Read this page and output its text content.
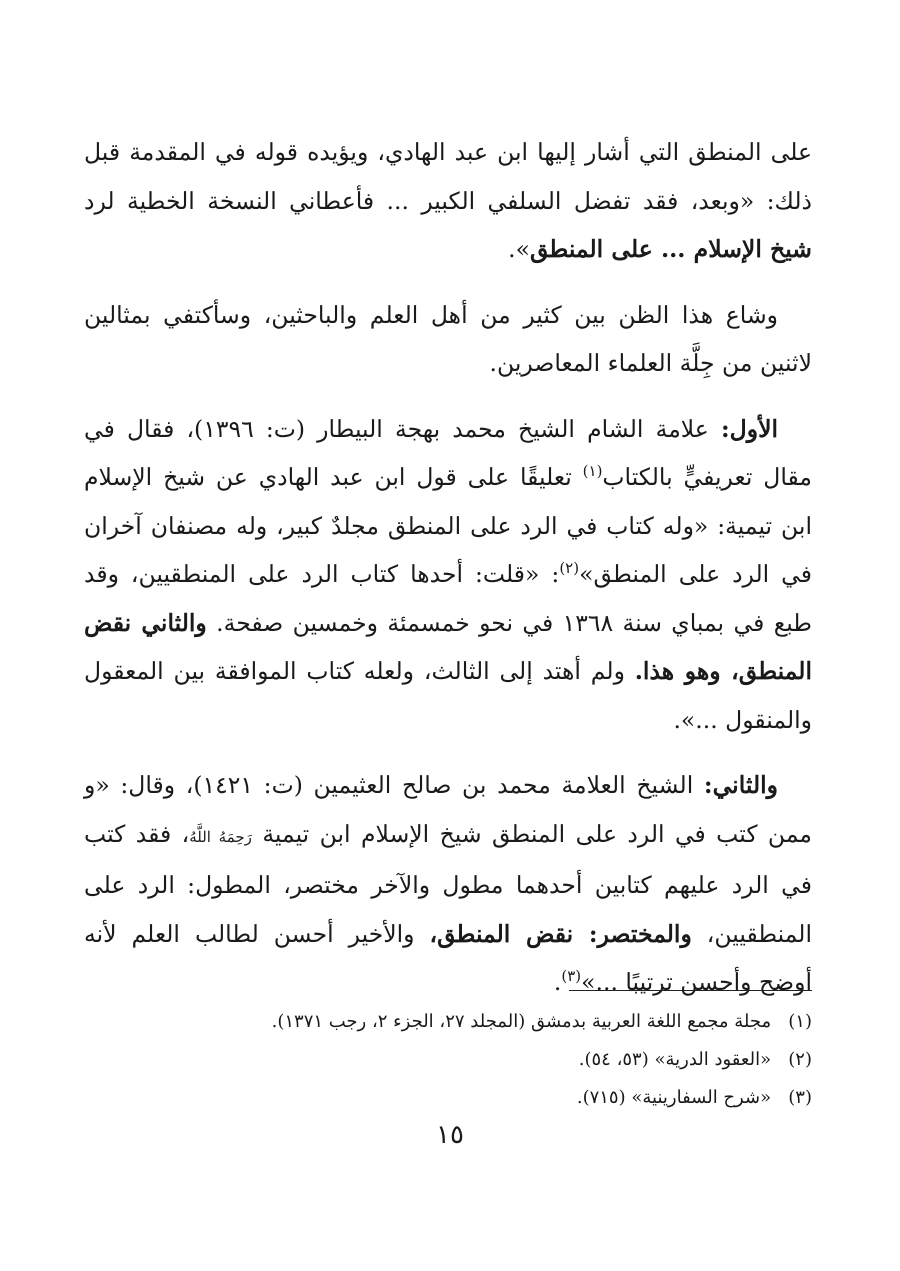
على المنطق التي أشار إليها ابن عبد الهادي، ويؤيده قوله في المقدمة قبل ذلك: «وبعد، فقد تفضل السلفي الكبير ... فأعطاني النسخة الخطية لرد شيخ الإسلام ... على المنطق».

وشاع هذا الظن بين كثير من أهل العلم والباحثين، وسأكتفي بمثالين لاثنين من جِلَّة العلماء المعاصرين.

الأول: علامة الشام الشيخ محمد بهجة البيطار (ت: ١٣٩٦)، فقال في مقال تعريفيٍّ بالكتاب$^{(١)}$ تعليقًا على قول ابن عبد الهادي عن شيخ الإسلام ابن تيمية: «وله كتاب في الرد على المنطق مجلدٌ كبير، وله مصنفان آخران في الرد على المنطق»$^{(٢)}$: «قلت: أحدها كتاب الرد على المنطقيين، وقد طبع في بمباي سنة ١٣٦٨ في نحو خمسمئة وخمسين صفحة. والثاني نقض المنطق، وهو هذا. ولم أهتد إلى الثالث، ولعله كتاب الموافقة بين المعقول والمنقول ...».

والثاني: الشيخ العلامة محمد بن صالح العثيمين (ت: ١٤٢١)، وقال: «و ممن كتب في الرد على المنطق شيخ الإسلام ابن تيمية رَحِمَهُ اللَّهُ، فقد كتب في الرد عليهم كتابين أحدهما مطول والآخر مختصر، المطول: الرد على المنطقيين، والمختصر: نقض المنطق، والأخير أحسن لطالب العلم لأنه أوضح وأحسن ترتيبًا ...»$^{(٣)}$.

(١)   مجلة مجمع اللغة العربية بدمشق (المجلد ٢٧، الجزء ٢، رجب ١٣٧١).
(٢)   «العقود الدرية» (٥٣، ٥٤).
(٣)   «شرح السفارينية» (٧١٥).
١٥
